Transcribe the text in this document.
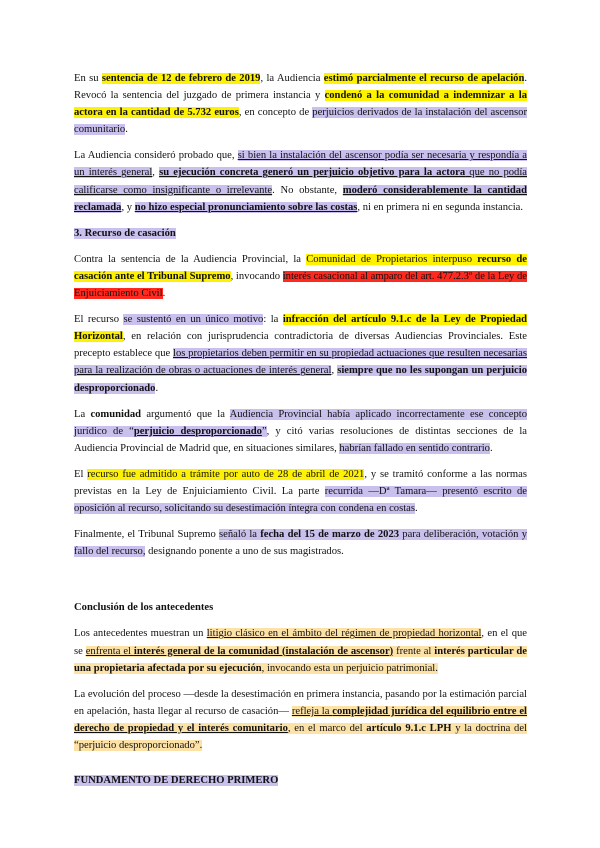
En su sentencia de 12 de febrero de 2019, la Audiencia estimó parcialmente el recurso de apelación. Revocó la sentencia del juzgado de primera instancia y condenó a la comunidad a indemnizar a la actora en la cantidad de 5.732 euros, en concepto de perjuicios derivados de la instalación del ascensor comunitario.

La Audiencia consideró probado que, si bien la instalación del ascensor podía ser necesaria y respondía a un interés general, su ejecución concreta generó un perjuicio objetivo para la actora que no podía calificarse como insignificante o irrelevante. No obstante, moderó considerablemente la cantidad reclamada, y no hizo especial pronunciamiento sobre las costas, ni en primera ni en segunda instancia.

3. Recurso de casación

Contra la sentencia de la Audiencia Provincial, la Comunidad de Propietarios interpuso recurso de casación ante el Tribunal Supremo, invocando interés casacional al amparo del art. 477.2.3º de la Ley de Enjuiciamiento Civil.

El recurso se sustentó en un único motivo: la infracción del artículo 9.1.c de la Ley de Propiedad Horizontal, en relación con jurisprudencia contradictoria de diversas Audiencias Provinciales. Este precepto establece que los propietarios deben permitir en su propiedad actuaciones que resulten necesarias para la realización de obras o actuaciones de interés general, siempre que no les supongan un perjuicio desproporcionado.

La comunidad argumentó que la Audiencia Provincial había aplicado incorrectamente ese concepto jurídico de “perjuicio desproporcionado”, y citó varias resoluciones de distintas secciones de la Audiencia Provincial de Madrid que, en situaciones similares, habrían fallado en sentido contrario.

El recurso fue admitido a trámite por auto de 28 de abril de 2021, y se tramitó conforme a las normas previstas en la Ley de Enjuiciamiento Civil. La parte recurrida —Dª Tamara— presentó escrito de oposición al recurso, solicitando su desestimación íntegra con condena en costas.

Finalmente, el Tribunal Supremo señaló la fecha del 15 de marzo de 2023 para deliberación, votación y fallo del recurso, designando ponente a uno de sus magistrados.

Conclusión de los antecedentes

Los antecedentes muestran un litigio clásico en el ámbito del régimen de propiedad horizontal, en el que se enfrenta el interés general de la comunidad (instalación de ascensor) frente al interés particular de una propietaria afectada por su ejecución, invocando esta un perjuicio patrimonial.

La evolución del proceso —desde la desestimación en primera instancia, pasando por la estimación parcial en apelación, hasta llegar al recurso de casación— refleja la complejidad jurídica del equilibrio entre el derecho de propiedad y el interés comunitario, en el marco del artículo 9.1.c LPH y la doctrina del “perjuicio desproporcionado”.

FUNDAMENTO DE DERECHO PRIMERO
